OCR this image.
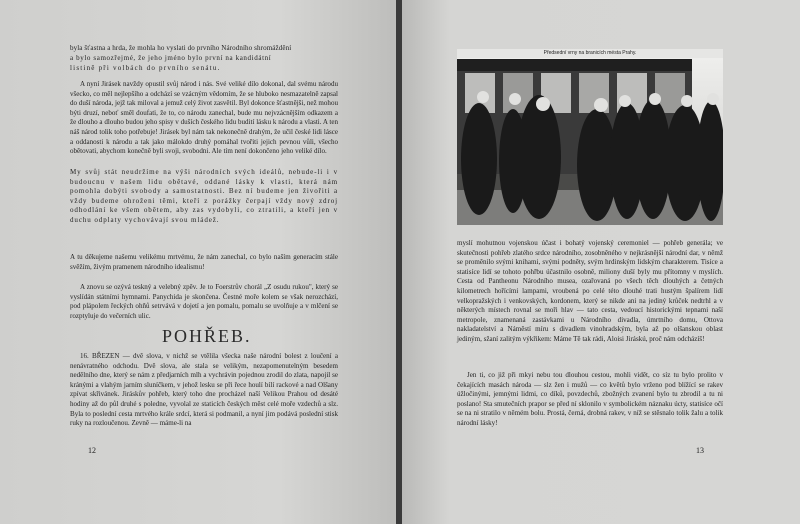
byla šťastna a hrda, že mohla ho vyslati do prvního Národního shromáždění

a bylo samozřejmé, že jeho jméno bylo první na kandidátní

listině při volbách do prvního senátu.

A nyní Jirásek navždy opustil svůj národ i nás. Své veliké dílo dokonal, dal svému národu všecko, co měl nejlepšího a odchází se vzácným vědomím, že se hluboko nesmazatelně zapsal do duší národa, jejž tak miloval a jemuž celý život zasvětil. Byl dokonce šťastnějši, než mohou býti druzí, neboť směl doufati, že to, co národu zanechal, bude mu nejvzácnějším odkazem a že dlouho a dlouho budou jeho spisy v duších českého lidu budití lásku k národu a vlasti. A ten náš národ tolik toho potřebuje! Jirásek byl nám tak nekonečně drahým, že učil české lidi lásce a oddanosti k národu a tak jako málokdo druhý pomáhal tvořiti jejich pevnou vůli, všecho obětovati, abychom konečně byli svoji, svobodni. Ale tím není dokončeno jeho veliké dílo.

My svůj stát neudržíme na výši národních svých ideálů, nebude-li i v budoucnu v našem lidu obětavé, oddané lásky k vlasti, která nám pomohla dobýti svobody a samostatnosti. Bez ní budeme jen živořiti a vždy budeme ohroženi těmi, kteří z porážky čerpají vždy nový zdroj odhodlání ke všem obětem, aby zas vydobyli, co ztratili, a kteří jen v duchu odplaty vychovávají svou mládež.

A tu děkujeme našemu velikému mrtvému, že nám zanechal, co bylo naším generacím stále svěžím, živým pramenem národního idealismu!

A znovu se ozývá teskný a velebný zpěv. Je to Foerstrův chorál „Z osudu rukou", který se vyslídán státními hymnami. Panychida je skončena. Čestné moře kolem se však nerozchází, pod plápolem řeckých ohňů setrvává v dojetí a jen pomalu, pomalu se uvolňuje a v mlčení se rozptyluje do večerních ulic.

POHŘEB.

16. BŘEZEN — dvě slova, v nichž se vtělila všecka naše národní bolest z loučení a nenávratného odchodu. Dvě slova, ale stala se velikým, nezapomenutelným besedem nedělního dne, který se nám z předjarních mlh a vychrávin pojednou zrodil do zlata, napojil se kránými a vlahým jarním sluníčkem, v jehož lesku se při řece houlí bílí rackové a nad Olšany zpívat skřivánek. Jiráskův pohřeb, který toho dne procházel naší Velikou Prahou od desáté hodiny až do půl druhé s poledne, vyvolal ze staticích českých měst celé moře vzdechů a slz. Byla to poslední cesta mrtvého krále srdcí, která si podmanil, a nyní jim podává poslední stisk ruky na rozloučenou. Zevně — máme-li na

12	13

Předsední vrny na branicích mésta Prahy.

myslí mohutnou vojenskou účast i bohatý vojenský ceremoniel — pohřeb generála; ve skutečnosti pohřeb zlatého srdce národního, zosobněného v nejkrásnější národní dar, v němž se proměnilo svými knihami, svými podněty, svým hrdinským lidským charakterem. Tisíce a statisíce lidí se tohoto pohřbu účastnilo osobně, miliony duší byly mu přítomny v myslích. Cesta od Pantheonu Národního musea, ozařovaná po všech těch dlouhých a četných kilometrech hořícími lampami, vroubená po celé této dlouhé trati hustým špalírem lidí velkopražských i venkovských, kordonem, který se nikde ani na jediný krůček nedtrhl a v některých místech rovnal se moři hlav — tato cesta, vedoucí historickými tepnami naší metropole, znamenaná zastávkami u Národního divadla, úmrtního domu, Ottova nakladatelství a Náměstí míru s divadlem vinohradským, byla až po olšanskou oblast jediným, sžaní zalitým výkřikem: Máme Tě tak rádi, Aloisi Jiráskú, proč nám odcházíš!

Jen ti, co již při mkyi nebu tou dlouhou cestou, mohli vidět, co síz tu bylo prolito v čekajících masách národa — slz žen i mužů — co květů bylo vrženo pod blížící se rakev úžločinými, jemnými lidmi, co díků, povzdechů, zbožných zvanení bylo tu zbrodil a tu ni poslano! Sta smutečních prapor se před ní sklonilo v symbolickém náznaku úcty, statisíce očí se na ni stratilo v němém bolu. Prostá, černá, drobná rakev, v níž se stěsnalo tolik žalu a tolik národní lásky!
